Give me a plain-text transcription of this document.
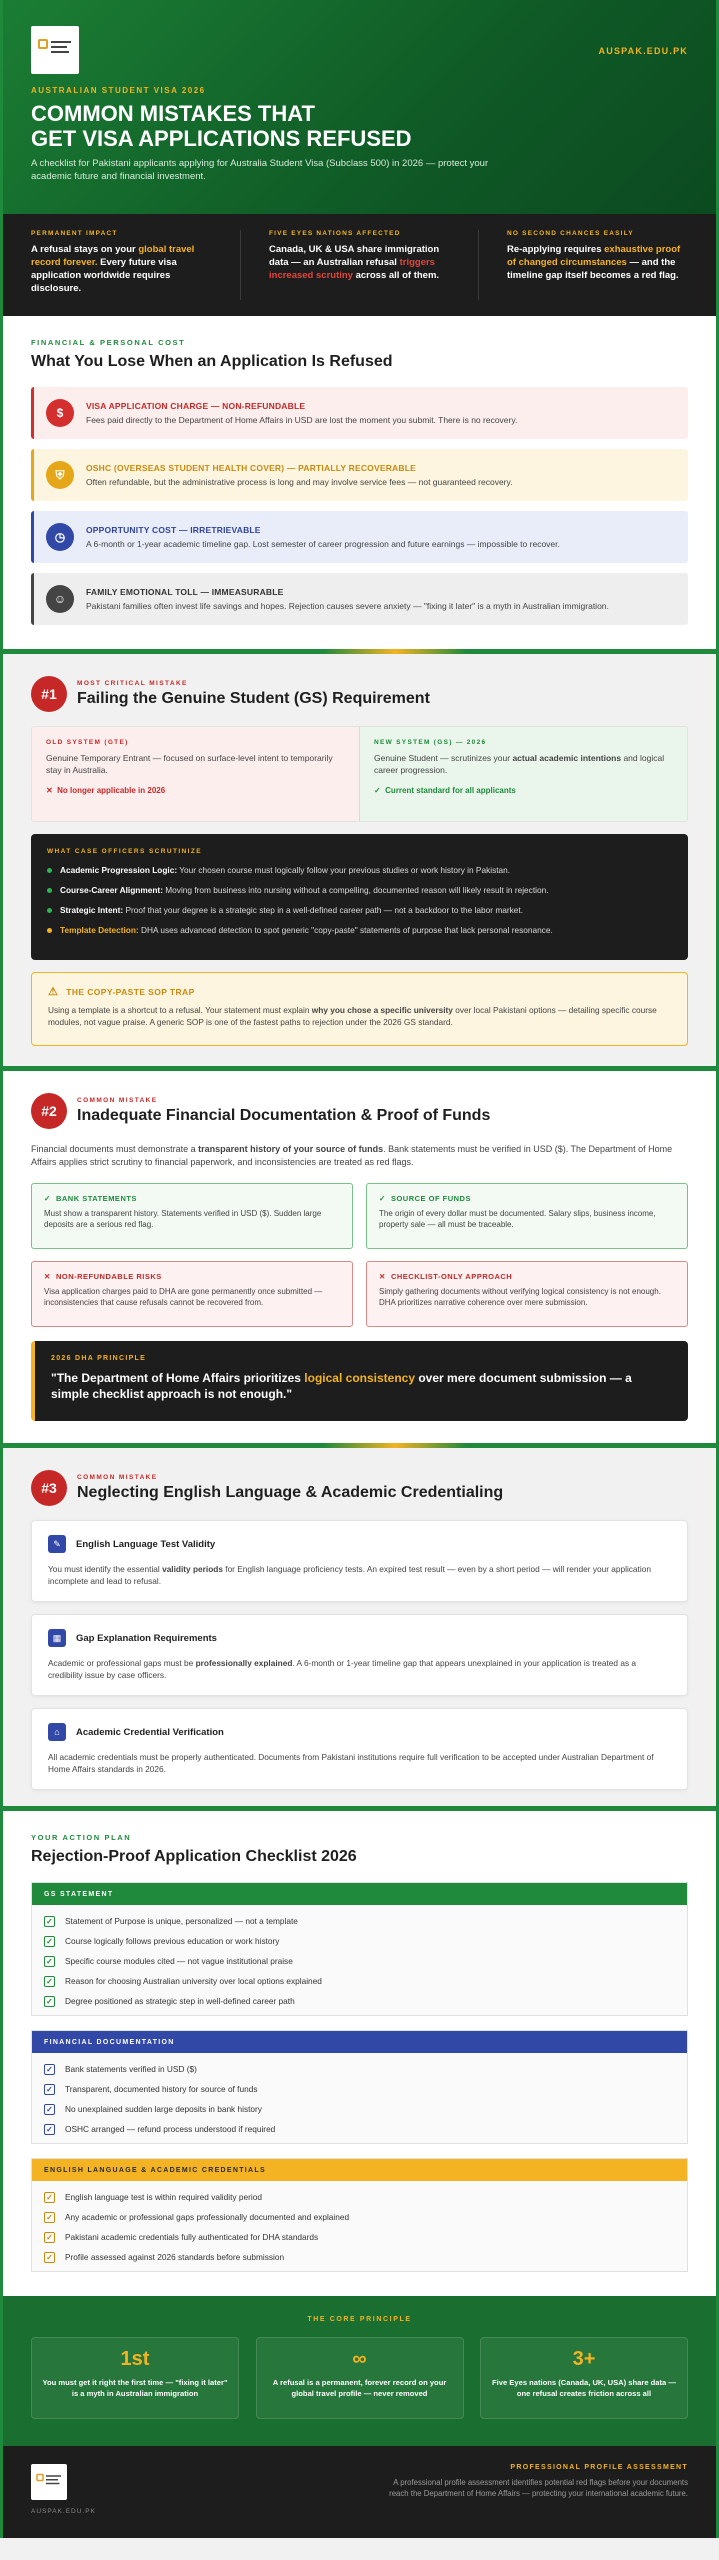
AUSPAK.EDU.PK
AUSTRALIAN STUDENT VISA 2026
COMMON MISTAKES THAT
GET VISA APPLICATIONS REFUSED

A checklist for Pakistani applicants applying for Australia Student Visa (Subclass 500) in 2026 — protect your academic future and financial investment.

PERMANENT IMPACT
A refusal stays on your global travel record forever. Every future visa application worldwide requires disclosure.
FIVE EYES NATIONS AFFECTED
Canada, UK & USA share immigration data — an Australian refusal triggers increased scrutiny across all of them.
NO SECOND CHANCES EASILY
Re-applying requires exhaustive proof of changed circumstances — and the timeline gap itself becomes a red flag.
FINANCIAL & PERSONAL COST
What You Lose When an Application Is Refused
$	VISA APPLICATION CHARGE — NON-REFUNDABLE

Fees paid directly to the Department of Home Affairs in USD are lost the moment you submit. There is no recovery.

⛨	OSHC (OVERSEAS STUDENT HEALTH COVER) — PARTIALLY RECOVERABLE

Often refundable, but the administrative process is long and may involve service fees — not guaranteed recovery.

◷	OPPORTUNITY COST — IRRETRIEVABLE

A 6-month or 1-year academic timeline gap. Lost semester of career progression and future earnings — impossible to recover.

☺	FAMILY EMOTIONAL TOLL — IMMEASURABLE

Pakistani families often invest life savings and hopes. Rejection causes severe anxiety — "fixing it later" is a myth in Australian immigration.

#1
MOST CRITICAL MISTAKE
Failing the Genuine Student (GS) Requirement
OLD SYSTEM (GTE)
Genuine Temporary Entrant — focused on surface-level intent to temporarily stay in Australia.
✕ No longer applicable in 2026
NEW SYSTEM (GS) — 2026
Genuine Student — scrutinizes your actual academic intentions and logical career progression.
✓ Current standard for all applicants
WHAT CASE OFFICERS SCRUTINIZE
Academic Progression Logic: Your chosen course must logically follow your previous studies or work history in Pakistan.
Course-Career Alignment: Moving from business into nursing without a compelling, documented reason will likely result in rejection.
Strategic Intent: Proof that your degree is a strategic step in a well-defined career path — not a backdoor to the labor market.
Template Detection: DHA uses advanced detection to spot generic "copy-paste" statements of purpose that lack personal resonance.
⚠ THE COPY-PASTE SOP TRAP

Using a template is a shortcut to a refusal. Your statement must explain why you chose a specific university over local Pakistani options — detailing specific course modules, not vague praise. A generic SOP is one of the fastest paths to rejection under the 2026 GS standard.

#2
COMMON MISTAKE
Inadequate Financial Documentation & Proof of Funds

Financial documents must demonstrate a transparent history of your source of funds. Bank statements must be verified in USD ($). The Department of Home Affairs applies strict scrutiny to financial paperwork, and inconsistencies are treated as red flags.

✓ BANK STATEMENTS

Must show a transparent history. Statements verified in USD ($). Sudden large deposits are a serious red flag.

✓ SOURCE OF FUNDS

The origin of every dollar must be documented. Salary slips, business income, property sale — all must be traceable.

✕ NON-REFUNDABLE RISKS

Visa application charges paid to DHA are gone permanently once submitted — inconsistencies that cause refusals cannot be recovered from.

✕ CHECKLIST-ONLY APPROACH

Simply gathering documents without verifying logical consistency is not enough. DHA prioritizes narrative coherence over mere submission.

2026 DHA PRINCIPLE
"The Department of Home Affairs prioritizes logical consistency over mere document submission — a simple checklist approach is not enough."
#3
COMMON MISTAKE
Neglecting English Language & Academic Credentialing
✎	English Language Test Validity

You must identify the essential validity periods for English language proficiency tests. An expired test result — even by a short period — will render your application incomplete and lead to refusal.

▦	Gap Explanation Requirements

Academic or professional gaps must be professionally explained. A 6-month or 1-year timeline gap that appears unexplained in your application is treated as a credibility issue by case officers.

⌂	Academic Credential Verification

All academic credentials must be properly authenticated. Documents from Pakistani institutions require full verification to be accepted under Australian Department of Home Affairs standards in 2026.

YOUR ACTION PLAN
Rejection-Proof Application Checklist 2026
GS STATEMENT
✓ Statement of Purpose is unique, personalized — not a template
✓ Course logically follows previous education or work history
✓ Specific course modules cited — not vague institutional praise
✓ Reason for choosing Australian university over local options explained
✓ Degree positioned as strategic step in well-defined career path
FINANCIAL DOCUMENTATION
✓ Bank statements verified in USD ($)
✓ Transparent, documented history for source of funds
✓ No unexplained sudden large deposits in bank history
✓ OSHC arranged — refund process understood if required
ENGLISH LANGUAGE & ACADEMIC CREDENTIALS
✓ English language test is within required validity period
✓ Any academic or professional gaps professionally documented and explained
✓ Pakistani academic credentials fully authenticated for DHA standards
✓ Profile assessed against 2026 standards before submission
THE CORE PRINCIPLE
1st
You must get it right the first time — "fixing it later" is a myth in Australian immigration
∞
A refusal is a permanent, forever record on your global travel profile — never removed
3+
Five Eyes nations (Canada, UK, USA) share data — one refusal creates friction across all
AUSPAK.EDU.PK
PROFESSIONAL PROFILE ASSESSMENT
A professional profile assessment identifies potential red flags before your documents reach the Department of Home Affairs — protecting your international academic future.
